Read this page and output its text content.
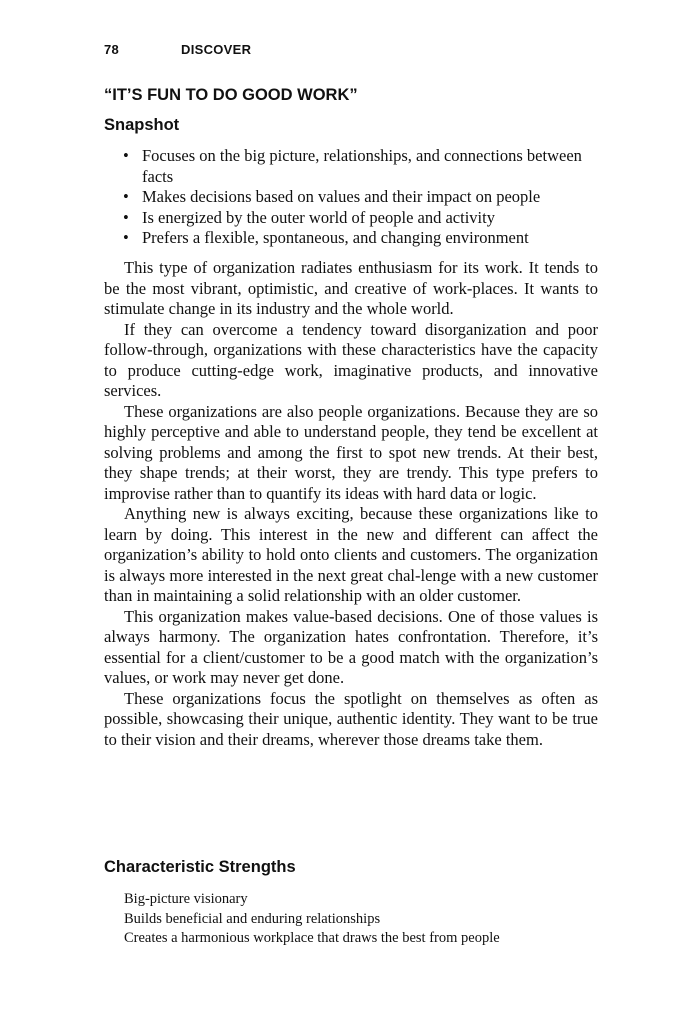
78	DISCOVER
“IT’S FUN TO DO GOOD WORK”
Snapshot
• Focuses on the big picture, relationships, and connections between facts
• Makes decisions based on values and their impact on people
• Is energized by the outer world of people and activity
• Prefers a flexible, spontaneous, and changing environment

This type of organization radiates enthusiasm for its work. It tends to be the most vibrant, optimistic, and creative of work-places. It wants to stimulate change in its industry and the whole world.

If they can overcome a tendency toward disorganization and poor follow-through, organizations with these characteristics have the capacity to produce cutting-edge work, imaginative products, and innovative services.

These organizations are also people organizations. Because they are so highly perceptive and able to understand people, they tend be excellent at solving problems and among the first to spot new trends. At their best, they shape trends; at their worst, they are trendy. This type prefers to improvise rather than to quantify its ideas with hard data or logic.

Anything new is always exciting, because these organizations like to learn by doing. This interest in the new and different can affect the organization’s ability to hold onto clients and customers. The organization is always more interested in the next great chal-lenge with a new customer than in maintaining a solid relationship with an older customer.

This organization makes value-based decisions. One of those values is always harmony. The organization hates confrontation. Therefore, it’s essential for a client/customer to be a good match with the organization’s values, or work may never get done.

These organizations focus the spotlight on themselves as often as possible, showcasing their unique, authentic identity. They want to be true to their vision and their dreams, wherever those dreams take them.

Characteristic Strengths
Big-picture visionary
Builds beneficial and enduring relationships
Creates a harmonious workplace that draws the best from people
